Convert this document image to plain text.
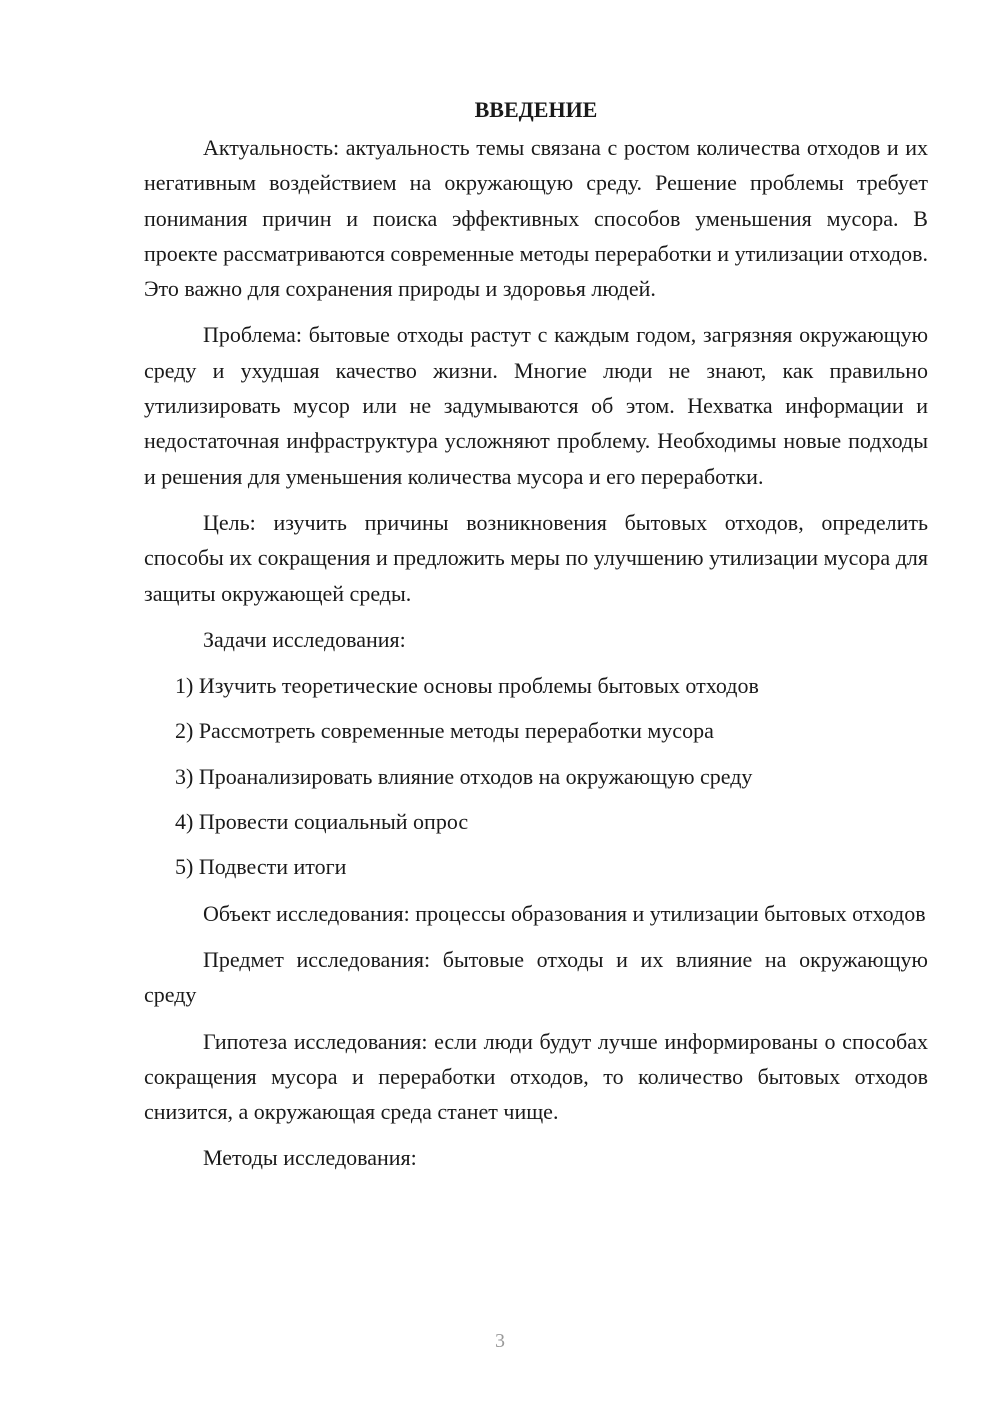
ВВЕДЕНИЕ

Актуальность: актуальность темы связана с ростом количества отходов и их негативным воздействием на окружающую среду. Решение проблемы требует понимания причин и поиска эффективных способов уменьшения мусора. В проекте рассматриваются современные методы переработки и утилизации отходов. Это важно для сохранения природы и здоровья людей.

Проблема: бытовые отходы растут с каждым годом, загрязняя окружающую среду и ухудшая качество жизни. Многие люди не знают, как правильно утилизировать мусор или не задумываются об этом. Нехватка информации и недостаточная инфраструктура усложняют проблему. Необходимы новые подходы и решения для уменьшения количества мусора и его переработки.

Цель: изучить причины возникновения бытовых отходов, определить способы их сокращения и предложить меры по улучшению утилизации мусора для защиты окружающей среды.

Задачи исследования:

1) Изучить теоретические основы проблемы бытовых отходов
2) Рассмотреть современные методы переработки мусора
3) Проанализировать влияние отходов на окружающую среду
4) Провести социальный опрос
5) Подвести итоги

Объект исследования: процессы образования и утилизации бытовых отходов

Предмет исследования: бытовые отходы и их влияние на окружающую среду

Гипотеза исследования: если люди будут лучше информированы о способах сокращения мусора и переработки отходов, то количество бытовых отходов снизится, а окружающая среда станет чище.

Методы исследования:

3
